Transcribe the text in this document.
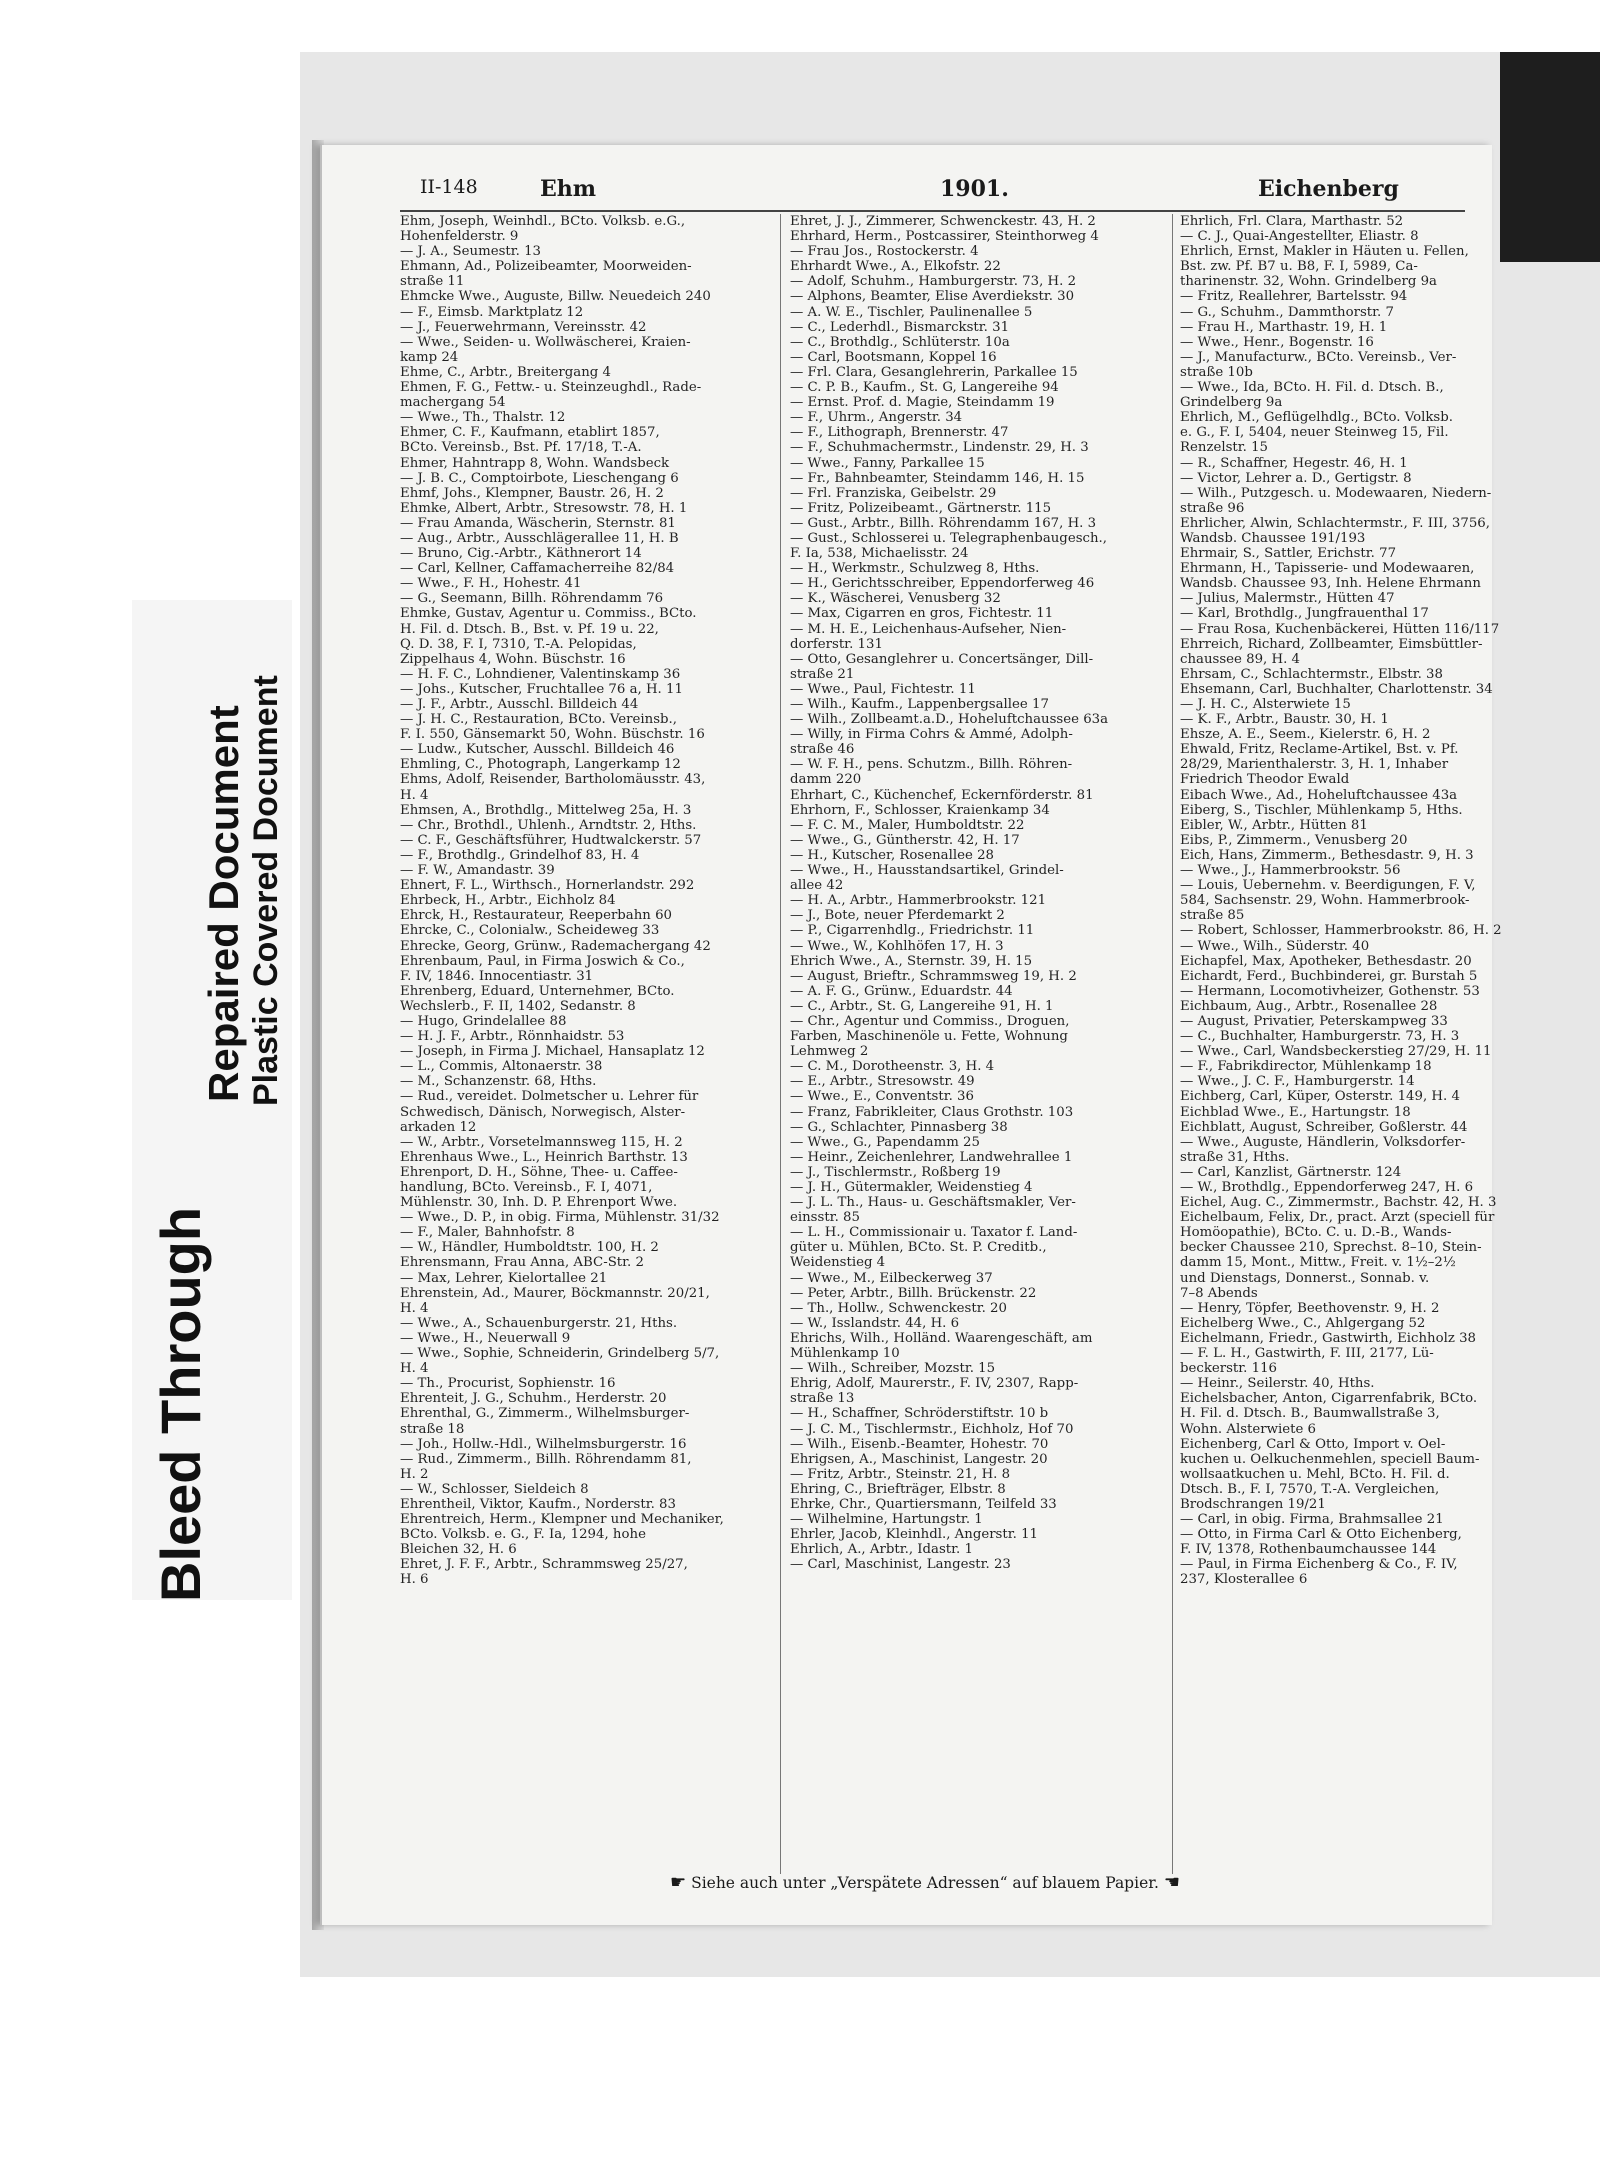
Bleed Through
Repaired Document Plastic Covered Document
II-148	Ehm	1901.	Eichenberg
Ehm, Joseph, Weinhdl., BCto. Volksb. e.G.,
Hohenfelderstr. 9
— J. A., Seumestr. 13
Ehmann, Ad., Polizeibeamter, Moorweiden-
straße 11
Ehmcke Wwe., Auguste, Billw. Neuedeich 240
— F., Eimsb. Marktplatz 12
— J., Feuerwehrmann, Vereinsstr. 42
— Wwe., Seiden- u. Wollwäscherei, Kraien-
kamp 24
Ehme, C., Arbtr., Breitergang 4
Ehmen, F. G., Fettw.- u. Steinzeughdl., Rade-
machergang 54
— Wwe., Th., Thalstr. 12
Ehmer, C. F., Kaufmann, etablirt 1857,
BCto. Vereinsb., Bst. Pf. 17/18, T.-A.
Ehmer, Hahntrapp 8, Wohn. Wandsbeck
— J. B. C., Comptoirbote, Lieschengang 6
Ehmf, Johs., Klempner, Baustr. 26, H. 2
Ehmke, Albert, Arbtr., Stresowstr. 78, H. 1
— Frau Amanda, Wäscherin, Sternstr. 81
— Aug., Arbtr., Ausschlägerallee 11, H. B
— Bruno, Cig.-Arbtr., Käthnerort 14
— Carl, Kellner, Caffamacherreihe 82/84
— Wwe., F. H., Hohestr. 41
— G., Seemann, Billh. Röhrendamm 76
Ehmke, Gustav, Agentur u. Commiss., BCto.
H. Fil. d. Dtsch. B., Bst. v. Pf. 19 u. 22,
Q. D. 38, F. I, 7310, T.-A. Pelopidas,
Zippelhaus 4, Wohn. Büschstr. 16
— H. F. C., Lohndiener, Valentinskamp 36
— Johs., Kutscher, Fruchtallee 76 a, H. 11
— J. F., Arbtr., Ausschl. Billdeich 44
— J. H. C., Restauration, BCto. Vereinsb.,
F. I. 550, Gänsemarkt 50, Wohn. Büschstr. 16
— Ludw., Kutscher, Ausschl. Billdeich 46
Ehmling, C., Photograph, Langerkamp 12
Ehms, Adolf, Reisender, Bartholomäusstr. 43,
H. 4
Ehmsen, A., Brothdlg., Mittelweg 25a, H. 3
— Chr., Brothdl., Uhlenh., Arndtstr. 2, Hths.
— C. F., Geschäftsführer, Hudtwalckerstr. 57
— F., Brothdlg., Grindelhof 83, H. 4
— F. W., Amandastr. 39
Ehnert, F. L., Wirthsch., Hornerlandstr. 292
Ehrbeck, H., Arbtr., Eichholz 84
Ehrck, H., Restaurateur, Reeperbahn 60
Ehrcke, C., Colonialw., Scheideweg 33
Ehrecke, Georg, Grünw., Rademachergang 42
Ehrenbaum, Paul, in Firma Joswich & Co.,
F. IV, 1846. Innocentiastr. 31
Ehrenberg, Eduard, Unternehmer, BCto.
Wechslerb., F. II, 1402, Sedanstr. 8
— Hugo, Grindelallee 88
— H. J. F., Arbtr., Rönnhaidstr. 53
— Joseph, in Firma J. Michael, Hansaplatz 12
— L., Commis, Altonaerstr. 38
— M., Schanzenstr. 68, Hths.
— Rud., vereidet. Dolmetscher u. Lehrer für
Schwedisch, Dänisch, Norwegisch, Alster-
arkaden 12
— W., Arbtr., Vorsetelmannsweg 115, H. 2
Ehrenhaus Wwe., L., Heinrich Barthstr. 13
Ehrenport, D. H., Söhne, Thee- u. Caffee-
handlung, BCto. Vereinsb., F. I, 4071,
Mühlenstr. 30, Inh. D. P. Ehrenport Wwe.
— Wwe., D. P., in obig. Firma, Mühlenstr. 31/32
— F., Maler, Bahnhofstr. 8
— W., Händler, Humboldtstr. 100, H. 2
Ehrensmann, Frau Anna, ABC-Str. 2
— Max, Lehrer, Kielortallee 21
Ehrenstein, Ad., Maurer, Böckmannstr. 20/21,
H. 4
— Wwe., A., Schauenburgerstr. 21, Hths.
— Wwe., H., Neuerwall 9
— Wwe., Sophie, Schneiderin, Grindelberg 5/7,
H. 4
— Th., Procurist, Sophienstr. 16
Ehrenteit, J. G., Schuhm., Herderstr. 20
Ehrenthal, G., Zimmerm., Wilhelmsburger-
straße 18
— Joh., Hollw.-Hdl., Wilhelmsburgerstr. 16
— Rud., Zimmerm., Billh. Röhrendamm 81,
H. 2
— W., Schlosser, Sieldeich 8
Ehrentheil, Viktor, Kaufm., Norderstr. 83
Ehrentreich, Herm., Klempner und Mechaniker,
BCto. Volksb. e. G., F. Ia, 1294, hohe
Bleichen 32, H. 6
Ehret, J. F. F., Arbtr., Schrammsweg 25/27,
H. 6
Ehret, J. J., Zimmerer, Schwenckestr. 43, H. 2
Ehrhard, Herm., Postcassirer, Steinthorweg 4
— Frau Jos., Rostockerstr. 4
Ehrhardt Wwe., A., Elkofstr. 22
— Adolf, Schuhm., Hamburgerstr. 73, H. 2
— Alphons, Beamter, Elise Averdiekstr. 30
— A. W. E., Tischler, Paulinenallee 5
— C., Lederhdl., Bismarckstr. 31
— C., Brothdlg., Schlüterstr. 10a
— Carl, Bootsmann, Koppel 16
— Frl. Clara, Gesanglehrerin, Parkallee 15
— C. P. B., Kaufm., St. G, Langereihe 94
— Ernst. Prof. d. Magie, Steindamm 19
— F., Uhrm., Angerstr. 34
— F., Lithograph, Brennerstr. 47
— F., Schuhmachermstr., Lindenstr. 29, H. 3
— Wwe., Fanny, Parkallee 15
— Fr., Bahnbeamter, Steindamm 146, H. 15
— Frl. Franziska, Geibelstr. 29
— Fritz, Polizeibeamt., Gärtnerstr. 115
— Gust., Arbtr., Billh. Röhrendamm 167, H. 3
— Gust., Schlosserei u. Telegraphenbaugesch.,
F. Ia, 538, Michaelisstr. 24
— H., Werkmstr., Schulzweg 8, Hths.
— H., Gerichtsschreiber, Eppendorferweg 46
— K., Wäscherei, Venusberg 32
— Max, Cigarren en gros, Fichtestr. 11
— M. H. E., Leichenhaus-Aufseher, Nien-
dorferstr. 131
— Otto, Gesanglehrer u. Concertsänger, Dill-
straße 21
— Wwe., Paul, Fichtestr. 11
— Wilh., Kaufm., Lappenbergsallee 17
— Wilh., Zollbeamt.a.D., Hoheluftchaussee 63a
— Willy, in Firma Cohrs & Ammé, Adolph-
straße 46
— W. F. H., pens. Schutzm., Billh. Röhren-
damm 220
Ehrhart, C., Küchenchef, Eckernförderstr. 81
Ehrhorn, F., Schlosser, Kraienkamp 34
— F. C. M., Maler, Humboldtstr. 22
— Wwe., G., Güntherstr. 42, H. 17
— H., Kutscher, Rosenallee 28
— Wwe., H., Hausstandsartikel, Grindel-
allee 42
— H. A., Arbtr., Hammerbrookstr. 121
— J., Bote, neuer Pferdemarkt 2
— P., Cigarrenhdlg., Friedrichstr. 11
— Wwe., W., Kohlhöfen 17, H. 3
Ehrich Wwe., A., Sternstr. 39, H. 15
— August, Brieftr., Schrammsweg 19, H. 2
— A. F. G., Grünw., Eduardstr. 44
— C., Arbtr., St. G, Langereihe 91, H. 1
— Chr., Agentur und Commiss., Droguen,
Farben, Maschinenöle u. Fette, Wohnung
Lehmweg 2
— C. M., Dorotheenstr. 3, H. 4
— E., Arbtr., Stresowstr. 49
— Wwe., E., Conventstr. 36
— Franz, Fabrikleiter, Claus Grothstr. 103
— G., Schlachter, Pinnasberg 38
— Wwe., G., Papendamm 25
— Heinr., Zeichenlehrer, Landwehrallee 1
— J., Tischlermstr., Roßberg 19
— J. H., Gütermakler, Weidenstieg 4
— J. L. Th., Haus- u. Geschäftsmakler, Ver-
einsstr. 85
— L. H., Commissionair u. Taxator f. Land-
güter u. Mühlen, BCto. St. P. Creditb.,
Weidenstieg 4
— Wwe., M., Eilbeckerweg 37
— Peter, Arbtr., Billh. Brückenstr. 22
— Th., Hollw., Schwenckestr. 20
— W., Isslandstr. 44, H. 6
Ehrichs, Wilh., Holländ. Waarengeschäft, am
Mühlenkamp 10
— Wilh., Schreiber, Mozstr. 15
Ehrig, Adolf, Maurerstr., F. IV, 2307, Rapp-
straße 13
— H., Schaffner, Schröderstiftstr. 10 b
— J. C. M., Tischlermstr., Eichholz, Hof 70
— Wilh., Eisenb.-Beamter, Hohestr. 70
Ehrigsen, A., Maschinist, Langestr. 20
— Fritz, Arbtr., Steinstr. 21, H. 8
Ehring, C., Briefträger, Elbstr. 8
Ehrke, Chr., Quartiersmann, Teilfeld 33
— Wilhelmine, Hartungstr. 1
Ehrler, Jacob, Kleinhdl., Angerstr. 11
Ehrlich, A., Arbtr., Idastr. 1
— Carl, Maschinist, Langestr. 23
Ehrlich, Frl. Clara, Marthastr. 52
— C. J., Quai-Angestellter, Eliastr. 8
Ehrlich, Ernst, Makler in Häuten u. Fellen,
Bst. zw. Pf. B7 u. B8, F. I, 5989, Ca-
tharinenstr. 32, Wohn. Grindelberg 9a
— Fritz, Reallehrer, Bartelsstr. 94
— G., Schuhm., Dammthorstr. 7
— Frau H., Marthastr. 19, H. 1
— Wwe., Henr., Bogenstr. 16
— J., Manufacturw., BCto. Vereinsb., Ver-
straße 10b
— Wwe., Ida, BCto. H. Fil. d. Dtsch. B.,
Grindelberg 9a
Ehrlich, M., Geflügelhdlg., BCto. Volksb.
e. G., F. I, 5404, neuer Steinweg 15, Fil.
Renzelstr. 15
— R., Schaffner, Hegestr. 46, H. 1
— Victor, Lehrer a. D., Gertigstr. 8
— Wilh., Putzgesch. u. Modewaaren, Niedern-
straße 96
Ehrlicher, Alwin, Schlachtermstr., F. III, 3756,
Wandsb. Chaussee 191/193
Ehrmair, S., Sattler, Erichstr. 77
Ehrmann, H., Tapisserie- und Modewaaren,
Wandsb. Chaussee 93, Inh. Helene Ehrmann
— Julius, Malermstr., Hütten 47
— Karl, Brothdlg., Jungfrauenthal 17
— Frau Rosa, Kuchenbäckerei, Hütten 116/117
Ehrreich, Richard, Zollbeamter, Eimsbüttler-
chaussee 89, H. 4
Ehrsam, C., Schlachtermstr., Elbstr. 38
Ehsemann, Carl, Buchhalter, Charlottenstr. 34
— J. H. C., Alsterwiete 15
— K. F., Arbtr., Baustr. 30, H. 1
Ehsze, A. E., Seem., Kielerstr. 6, H. 2
Ehwald, Fritz, Reclame-Artikel, Bst. v. Pf.
28/29, Marienthalerstr. 3, H. 1, Inhaber
Friedrich Theodor Ewald
Eibach Wwe., Ad., Hoheluftchaussee 43a
Eiberg, S., Tischler, Mühlenkamp 5, Hths.
Eibler, W., Arbtr., Hütten 81
Eibs, P., Zimmerm., Venusberg 20
Eich, Hans, Zimmerm., Bethesdastr. 9, H. 3
— Wwe., J., Hammerbrookstr. 56
— Louis, Uebernehm. v. Beerdigungen, F. V,
584, Sachsenstr. 29, Wohn. Hammerbrook-
straße 85
— Robert, Schlosser, Hammerbrookstr. 86, H. 2
— Wwe., Wilh., Süderstr. 40
Eichapfel, Max, Apotheker, Bethesdastr. 20
Eichardt, Ferd., Buchbinderei, gr. Burstah 5
— Hermann, Locomotivheizer, Gothenstr. 53
Eichbaum, Aug., Arbtr., Rosenallee 28
— August, Privatier, Peterskampweg 33
— C., Buchhalter, Hamburgerstr. 73, H. 3
— Wwe., Carl, Wandsbeckerstieg 27/29, H. 11
— F., Fabrikdirector, Mühlenkamp 18
— Wwe., J. C. F., Hamburgerstr. 14
Eichberg, Carl, Küper, Osterstr. 149, H. 4
Eichblad Wwe., E., Hartungstr. 18
Eichblatt, August, Schreiber, Goßlerstr. 44
— Wwe., Auguste, Händlerin, Volksdorfer-
straße 31, Hths.
— Carl, Kanzlist, Gärtnerstr. 124
— W., Brothdlg., Eppendorferweg 247, H. 6
Eichel, Aug. C., Zimmermstr., Bachstr. 42, H. 3
Eichelbaum, Felix, Dr., pract. Arzt (speciell für
Homöopathie), BCto. C. u. D.-B., Wands-
becker Chaussee 210, Sprechst. 8–10, Stein-
damm 15, Mont., Mittw., Freit. v. 1½–2½
und Dienstags, Donnerst., Sonnab. v.
7–8 Abends
— Henry, Töpfer, Beethovenstr. 9, H. 2
Eichelberg Wwe., C., Ahlgergang 52
Eichelmann, Friedr., Gastwirth, Eichholz 38
— F. L. H., Gastwirth, F. III, 2177, Lü-
beckerstr. 116
— Heinr., Seilerstr. 40, Hths.
Eichelsbacher, Anton, Cigarrenfabrik, BCto.
H. Fil. d. Dtsch. B., Baumwallstraße 3,
Wohn. Alsterwiete 6
Eichenberg, Carl & Otto, Import v. Oel-
kuchen u. Oelkuchenmehlen, speciell Baum-
wollsaatkuchen u. Mehl, BCto. H. Fil. d.
Dtsch. B., F. I, 7570, T.-A. Vergleichen,
Brodschrangen 19/21
— Carl, in obig. Firma, Brahmsallee 21
— Otto, in Firma Carl & Otto Eichenberg,
F. IV, 1378, Rothenbaumchaussee 144
— Paul, in Firma Eichenberg & Co., F. IV,
237, Klosterallee 6
☛ Siehe auch unter „Verspätete Adressen“ auf blauem Papier. ☚
